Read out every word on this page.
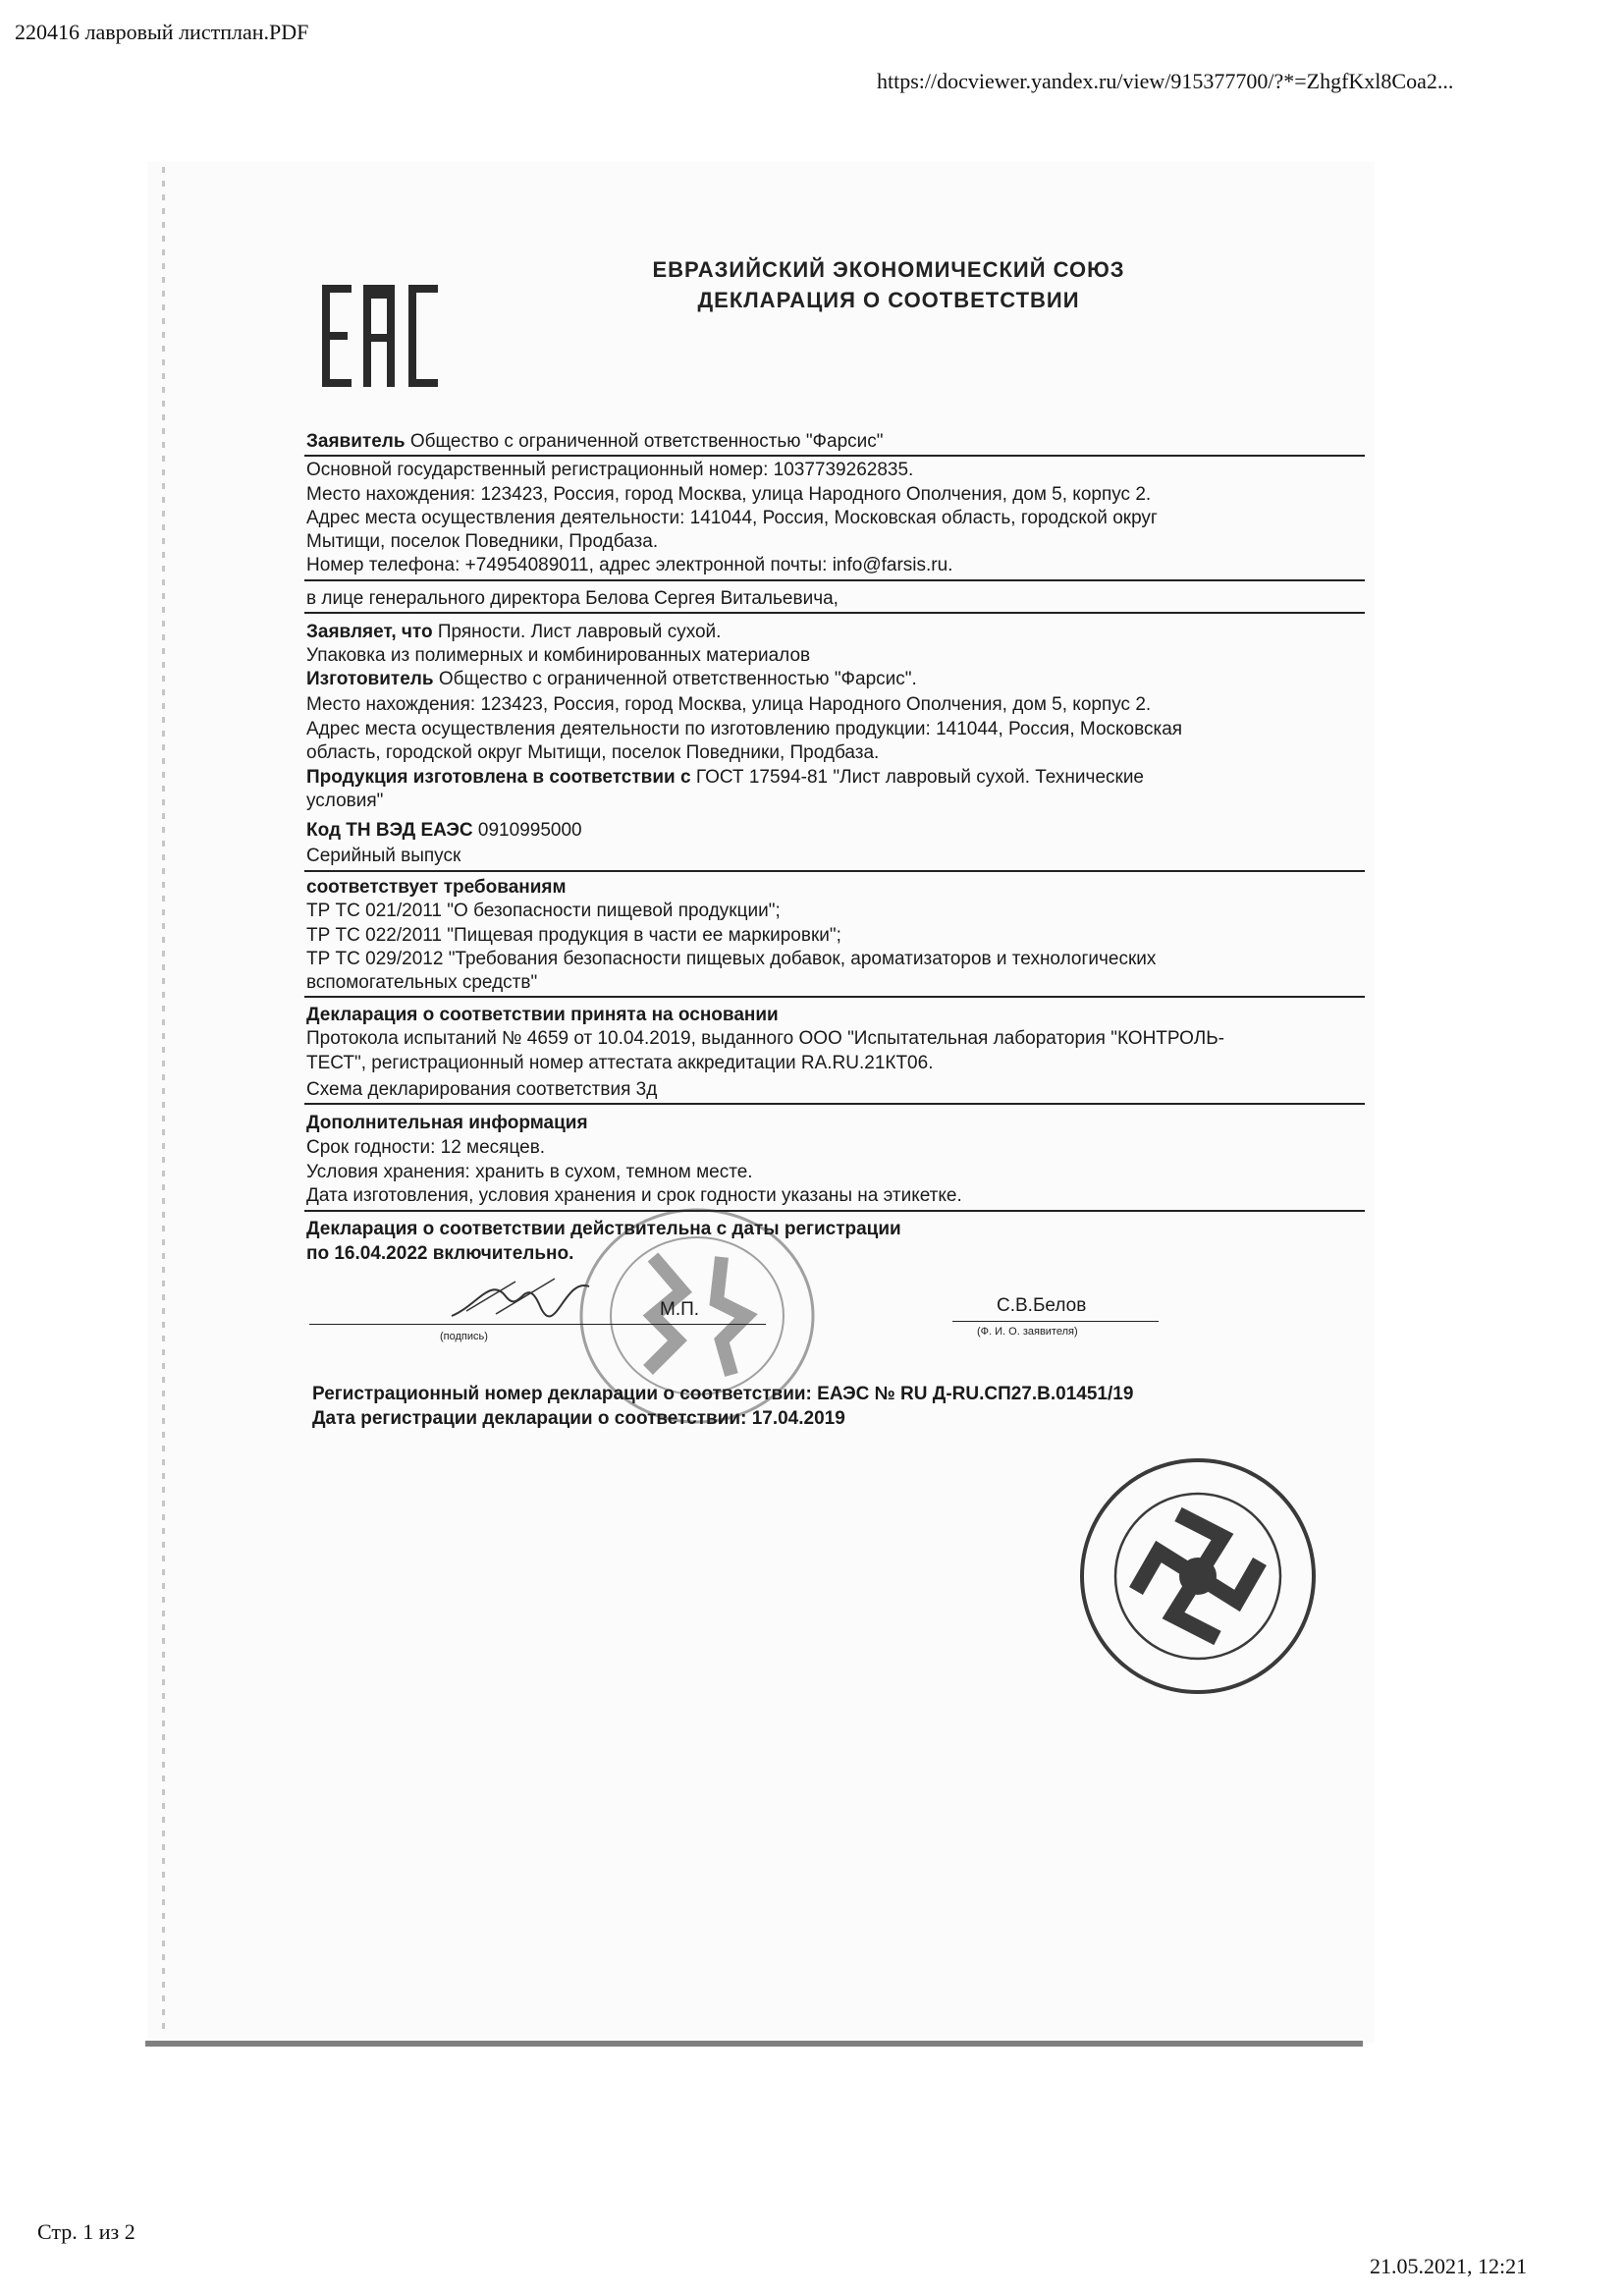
220416 лавровый листплан.PDF
https://docviewer.yandex.ru/view/915377700/?*=ZhgfKxl8Coa2...
Стр. 1 из 2
21.05.2021, 12:21
ЕВРАЗИЙСКИЙ ЭКОНОМИЧЕСКИЙ СОЮЗ
ДЕКЛАРАЦИЯ О СООТВЕТСТВИИ
Заявитель Общество с ограниченной ответственностью "Фарсис"
Основной государственный регистрационный номер: 1037739262835.
Место нахождения: 123423, Россия, город Москва, улица Народного Ополчения, дом 5, корпус 2.
Адрес места осуществления деятельности: 141044, Россия, Московская область, городской округ
Мытищи, поселок Поведники, Продбаза.
Номер телефона: +74954089011, адрес электронной почты: info@farsis.ru.
в лице генерального директора Белова Сергея Витальевича,
Заявляет, что Пряности. Лист лавровый сухой.
Упаковка из полимерных и комбинированных материалов
Изготовитель Общество с ограниченной ответственностью "Фарсис".
Место нахождения: 123423, Россия, город Москва, улица Народного Ополчения, дом 5, корпус 2.
Адрес места осуществления деятельности по изготовлению продукции: 141044, Россия, Московская
область, городской округ Мытищи, поселок Поведники, Продбаза.
Продукция изготовлена в соответствии с ГОСТ 17594-81 "Лист лавровый сухой. Технические
условия"
Код ТН ВЭД ЕАЭС 0910995000
Серийный выпуск
соответствует требованиям
ТР ТС 021/2011 "О безопасности пищевой продукции";
ТР ТС 022/2011 "Пищевая продукция в части ее маркировки";
ТР ТС 029/2012 "Требования безопасности пищевых добавок, ароматизаторов и технологических
вспомогательных средств"
Декларация о соответствии принята на основании
Протокола испытаний № 4659 от 10.04.2019, выданного ООО "Испытательная лаборатория "КОНТРОЛЬ-
ТЕСТ", регистрационный номер аттестата аккредитации RA.RU.21КТ06.
Схема декларирования соответствия 3д
Дополнительная информация
Срок годности: 12 месяцев.
Условия хранения: хранить в сухом, темном месте.
Дата изготовления, условия хранения и срок годности указаны на этикетке.
Декларация о соответствии действительна с даты регистрации
по 16.04.2022 включительно.
М.П.	С.В.Белов
(подпись)	(Ф. И. О. заявителя)
Регистрационный номер декларации о соответствии: ЕАЭС № RU Д-RU.СП27.В.01451/19
Дата регистрации декларации о соответствии: 17.04.2019
